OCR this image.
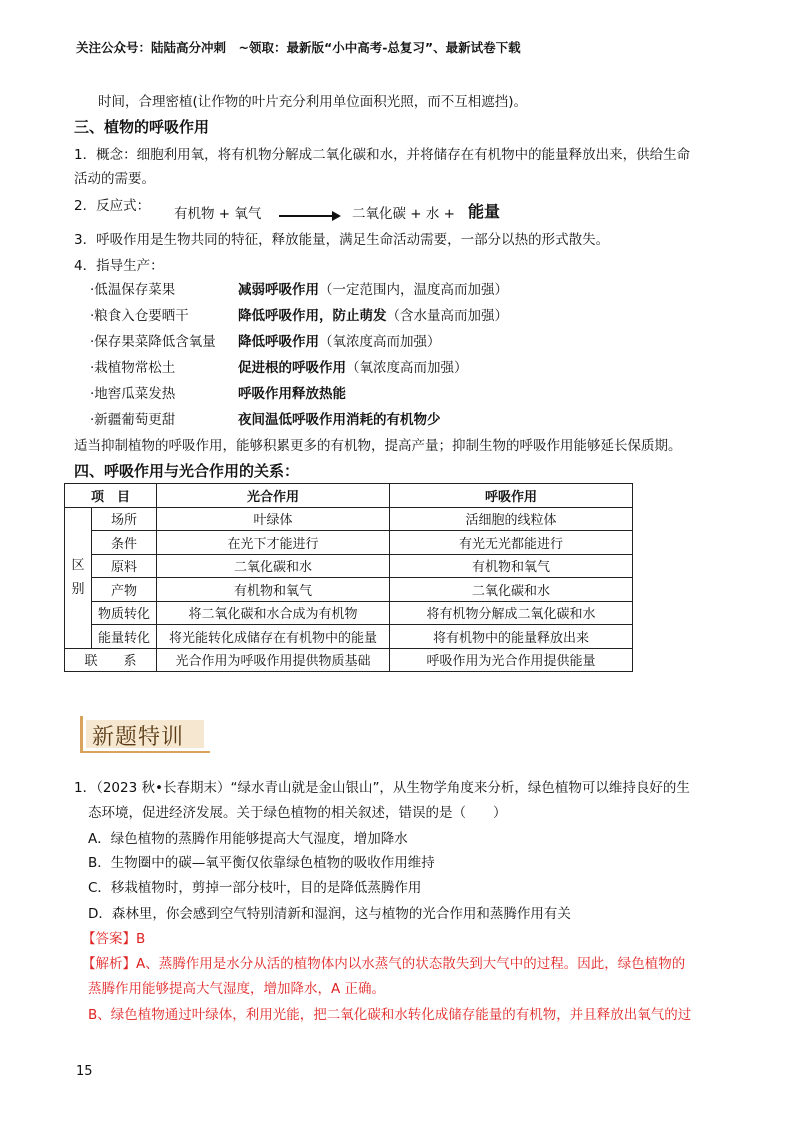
关注公众号：陆陆高分冲刺　~领取：最新版“小中高考-总复习”、最新试卷下载
时间，合理密植(让作物的叶片充分利用单位面积光照，而不互相遮挡)。
三、植物的呼吸作用
1．概念：细胞利用氧，将有机物分解成二氧化碳和水，并将储存在有机物中的能量释放出来，供给生命
活动的需要。
2．反应式： 有机物 + 氧气 → 二氧化碳 + 水 + 能量
3．呼吸作用是生物共同的特征，释放能量，满足生命活动需要，一部分以热的形式散失。
4．指导生产：
·低温保存菜果	减弱呼吸作用（一定范围内，温度高而加强）
·粮食入仓要晒干	降低呼吸作用，防止萌发（含水量高而加强）
·保存果菜降低含氧量 降低呼吸作用（氧浓度高而加强）
·栽植物常松土	促进根的呼吸作用（氧浓度高而加强）
·地窖瓜菜发热	呼吸作用释放热能
·新疆葡萄更甜	夜间温低呼吸作用消耗的有机物少
适当抑制植物的呼吸作用，能够积累更多的有机物，提高产量；抑制生物的呼吸作用能够延长保质期。
四、呼吸作用与光合作用的关系：
项　目		光合作用	呼吸作用
区
别	场所	叶绿体	活细胞的线粒体
	条件	在光下才能进行	有光无光都能进行
	原料	二氧化碳和水	有机物和氧气
	产物	有机物和氧气	二氧化碳和水
	物质转化	将二氧化碳和水合成为有机物	将有机物分解成二氧化碳和水
	能量转化	将光能转化成储存在有机物中的能量	将有机物中的能量释放出来
联　　系		光合作用为呼吸作用提供物质基础	呼吸作用为光合作用提供能量
新题特训
1．（2023 秋•长春期末）“绿水青山就是金山银山”，从生物学角度来分析，绿色植物可以维持良好的生
态环境，促进经济发展。关于绿色植物的相关叙述，错误的是（　　）
A．绿色植物的蒸腾作用能够提高大气湿度，增加降水
B．生物圈中的碳—氧平衡仅依靠绿色植物的吸收作用维持
C．移栽植物时，剪掉一部分枝叶，目的是降低蒸腾作用
D．森林里，你会感到空气特别清新和湿润，这与植物的光合作用和蒸腾作用有关
【答案】B
【解析】A、蒸腾作用是水分从活的植物体内以水蒸气的状态散失到大气中的过程。因此，绿色植物的
蒸腾作用能够提高大气湿度，增加降水，A 正确。
B、绿色植物通过叶绿体，利用光能，把二氧化碳和水转化成储存能量的有机物，并且释放出氧气的过
15
